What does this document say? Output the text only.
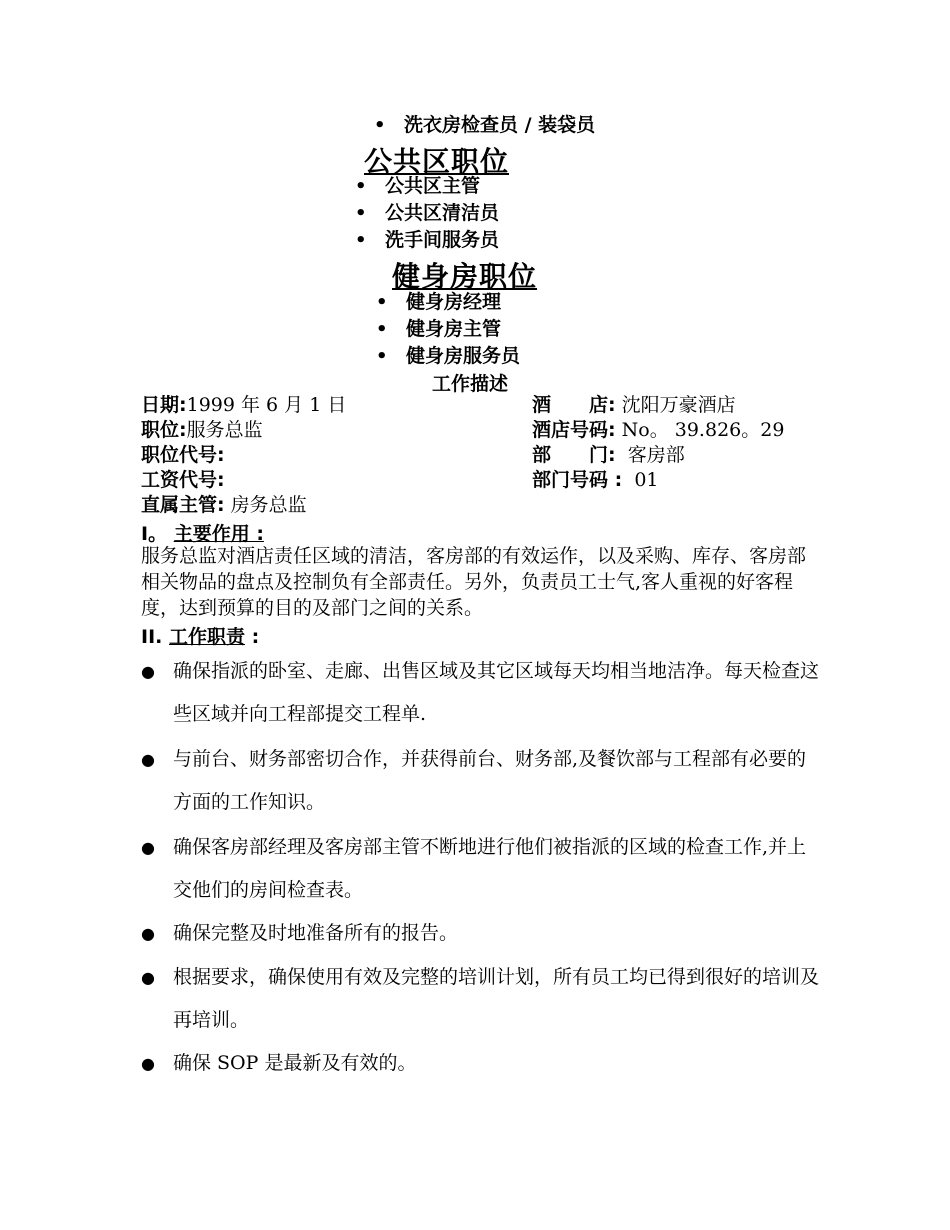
• 洗衣房检查员 / 装袋员
公共区职位
• 公共区主管
• 公共区清洁员
• 洗手间服务员
健身房职位
• 健身房经理
• 健身房主管
• 健身房服务员
工作描述
日期:1999 年 6 月 1 日	酒　　店: 沈阳万豪酒店
职位:服务总监	酒店号码: No。 39.826。29
职位代号:	部　　门: 客房部
工资代号:	部门号码 : 01
直属主管: 房务总监
I。 主要作用 :
服务总监对酒店责任区域的清洁，客房部的有效运作，以及采购、库存、客房部相关物品的盘点及控制负有全部责任。另外，负责员工士气,客人重视的好客程度，达到预算的目的及部门之间的关系。
II. 工作职责 :
● 确保指派的卧室、走廊、出售区域及其它区域每天均相当地洁净。每天检查这些区域并向工程部提交工程单.
● 与前台、财务部密切合作，并获得前台、财务部,及餐饮部与工程部有必要的方面的工作知识。
● 确保客房部经理及客房部主管不断地进行他们被指派的区域的检查工作,并上交他们的房间检查表。
● 确保完整及时地准备所有的报告。
● 根据要求，确保使用有效及完整的培训计划，所有员工均已得到很好的培训及再培训。
● 确保 SOP 是最新及有效的。
